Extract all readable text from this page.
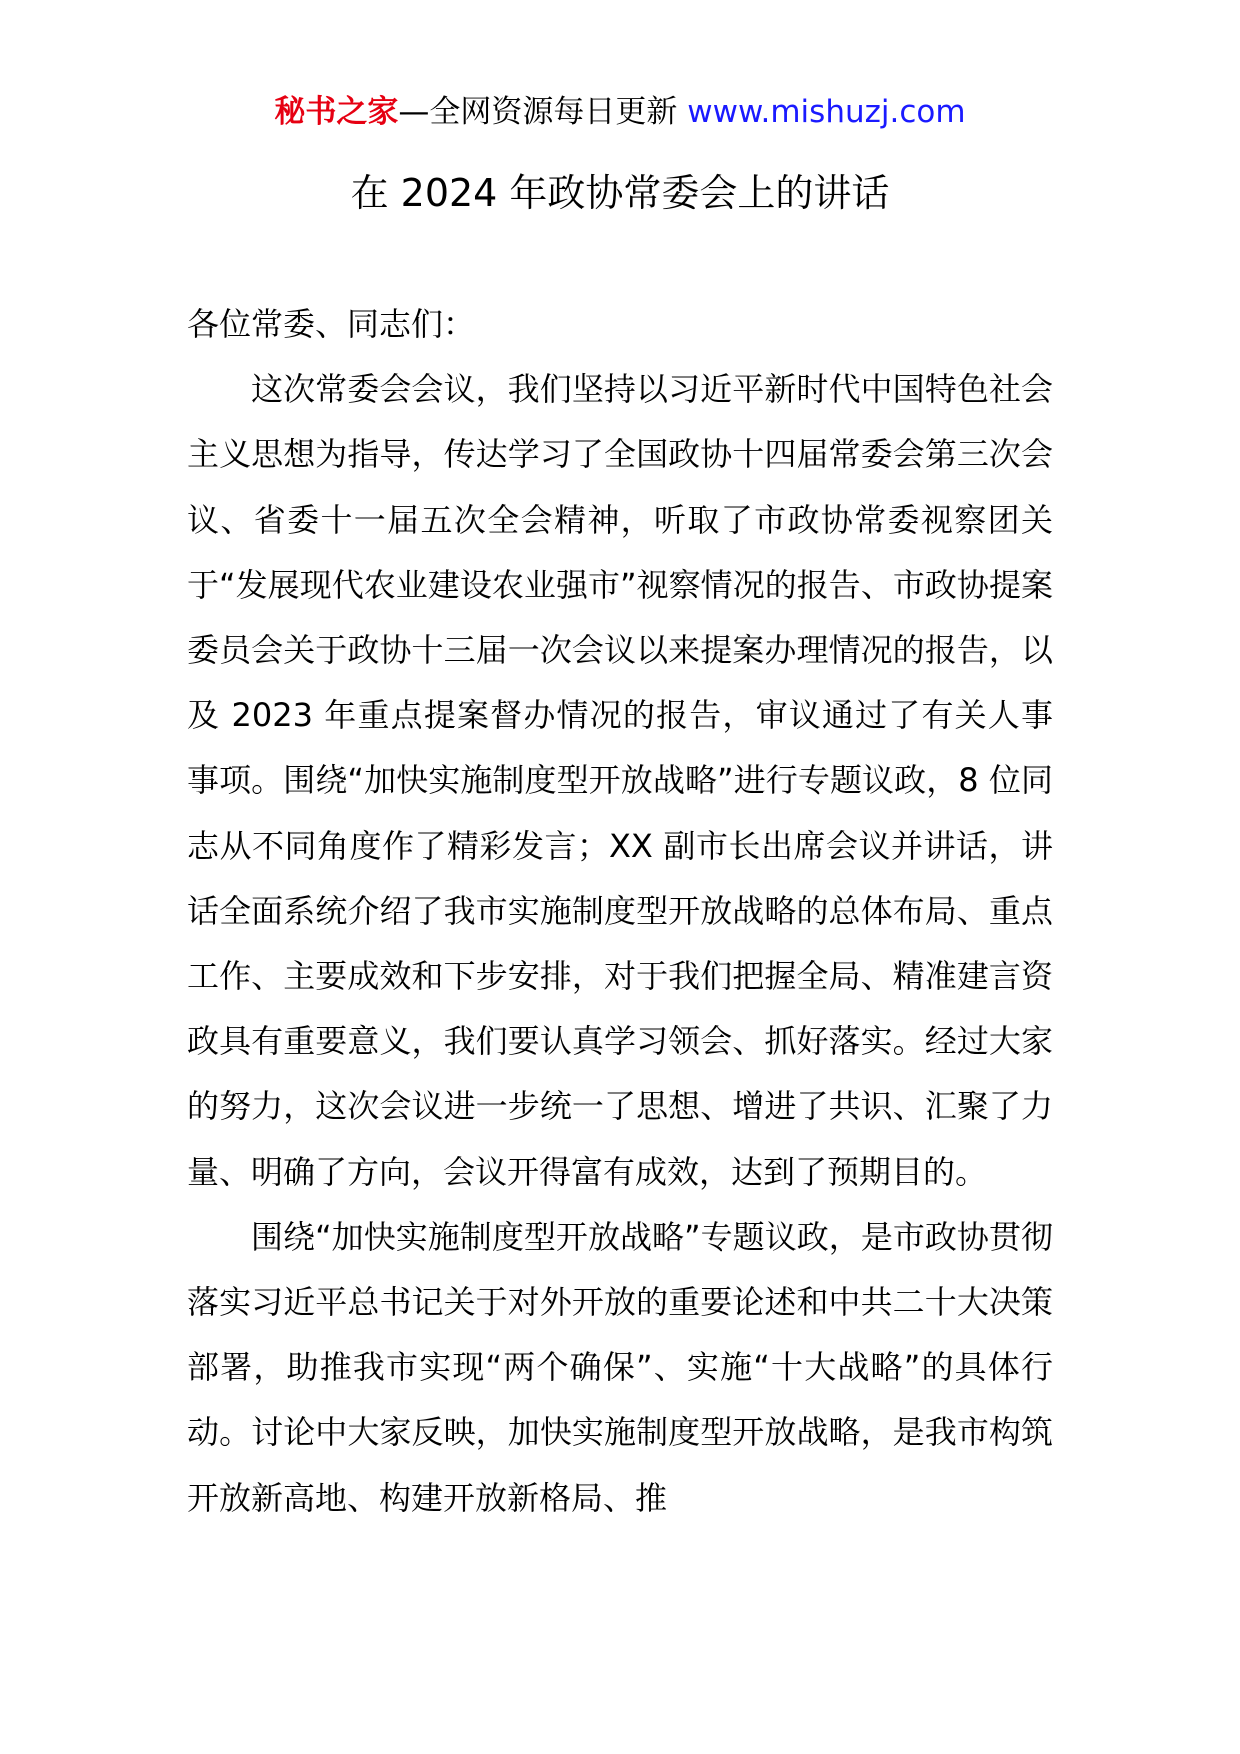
秘书之家—全网资源每日更新 www.mishuzj.com
在 2024 年政协常委会上的讲话

各位常委、同志们：

这次常委会会议，我们坚持以习近平新时代中国特色社会主义思想为指导，传达学习了全国政协十四届常委会第三次会议、省委十一届五次全会精神，听取了市政协常委视察团关于“发展现代农业建设农业强市”视察情况的报告、市政协提案委员会关于政协十三届一次会议以来提案办理情况的报告，以及 2023 年重点提案督办情况的报告，审议通过了有关人事事项。围绕“加快实施制度型开放战略”进行专题议政，8 位同志从不同角度作了精彩发言；XX 副市长出席会议并讲话，讲话全面系统介绍了我市实施制度型开放战略的总体布局、重点工作、主要成效和下步安排，对于我们把握全局、精准建言资政具有重要意义，我们要认真学习领会、抓好落实。经过大家的努力，这次会议进一步统一了思想、增进了共识、汇聚了力量、明确了方向，会议开得富有成效，达到了预期目的。

围绕“加快实施制度型开放战略”专题议政，是市政协贯彻落实习近平总书记关于对外开放的重要论述和中共二十大决策部署，助推我市实现“两个确保”、实施“十大战略”的具体行动。讨论中大家反映，加快实施制度型开放战略，是我市构筑开放新高地、构建开放新格局、推
